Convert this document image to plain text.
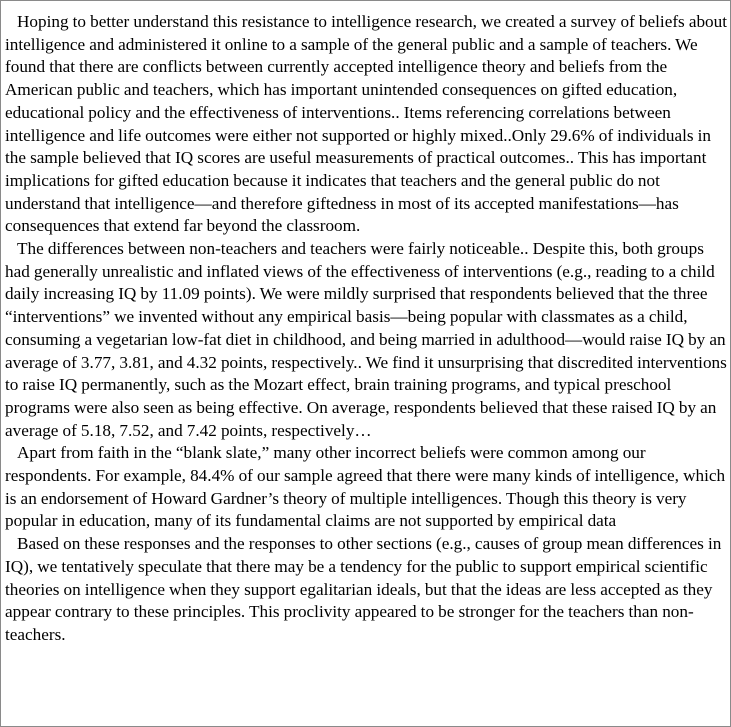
Hoping to better understand this resistance to intelligence research, we created a survey of beliefs about intelligence and administered it online to a sample of the general public and a sample of teachers. We found that there are conflicts between currently accepted intelligence theory and beliefs from the American public and teachers, which has important unintended consequences on gifted education, educational policy and the effectiveness of interventions.. Items referencing correlations between intelligence and life outcomes were either not supported or highly mixed..Only 29.6% of individuals in the sample believed that IQ scores are useful measurements of practical outcomes.. This has important implications for gifted education because it indicates that teachers and the general public do not understand that intelligence—and therefore giftedness in most of its accepted manifestations—has consequences that extend far beyond the classroom.

The differences between non-teachers and teachers were fairly noticeable.. Despite this, both groups had generally unrealistic and inflated views of the effectiveness of interventions (e.g., reading to a child daily increasing IQ by 11.09 points). We were mildly surprised that respondents believed that the three “interventions” we invented without any empirical basis—being popular with classmates as a child, consuming a vegetarian low-fat diet in childhood, and being married in adulthood—would raise IQ by an average of 3.77, 3.81, and 4.32 points, respectively.. We find it unsurprising that discredited interventions to raise IQ permanently, such as the Mozart effect, brain training programs, and typical preschool programs were also seen as being effective. On average, respondents believed that these raised IQ by an average of 5.18, 7.52, and 7.42 points, respectively…

Apart from faith in the “blank slate,” many other incorrect beliefs were common among our respondents. For example, 84.4% of our sample agreed that there were many kinds of intelligence, which is an endorsement of Howard Gardner’s theory of multiple intelligences. Though this theory is very popular in education, many of its fundamental claims are not supported by empirical data

Based on these responses and the responses to other sections (e.g., causes of group mean differences in IQ), we tentatively speculate that there may be a tendency for the public to support empirical scientific theories on intelligence when they support egalitarian ideals, but that the ideas are less accepted as they appear contrary to these principles. This proclivity appeared to be stronger for the teachers than non-teachers.
